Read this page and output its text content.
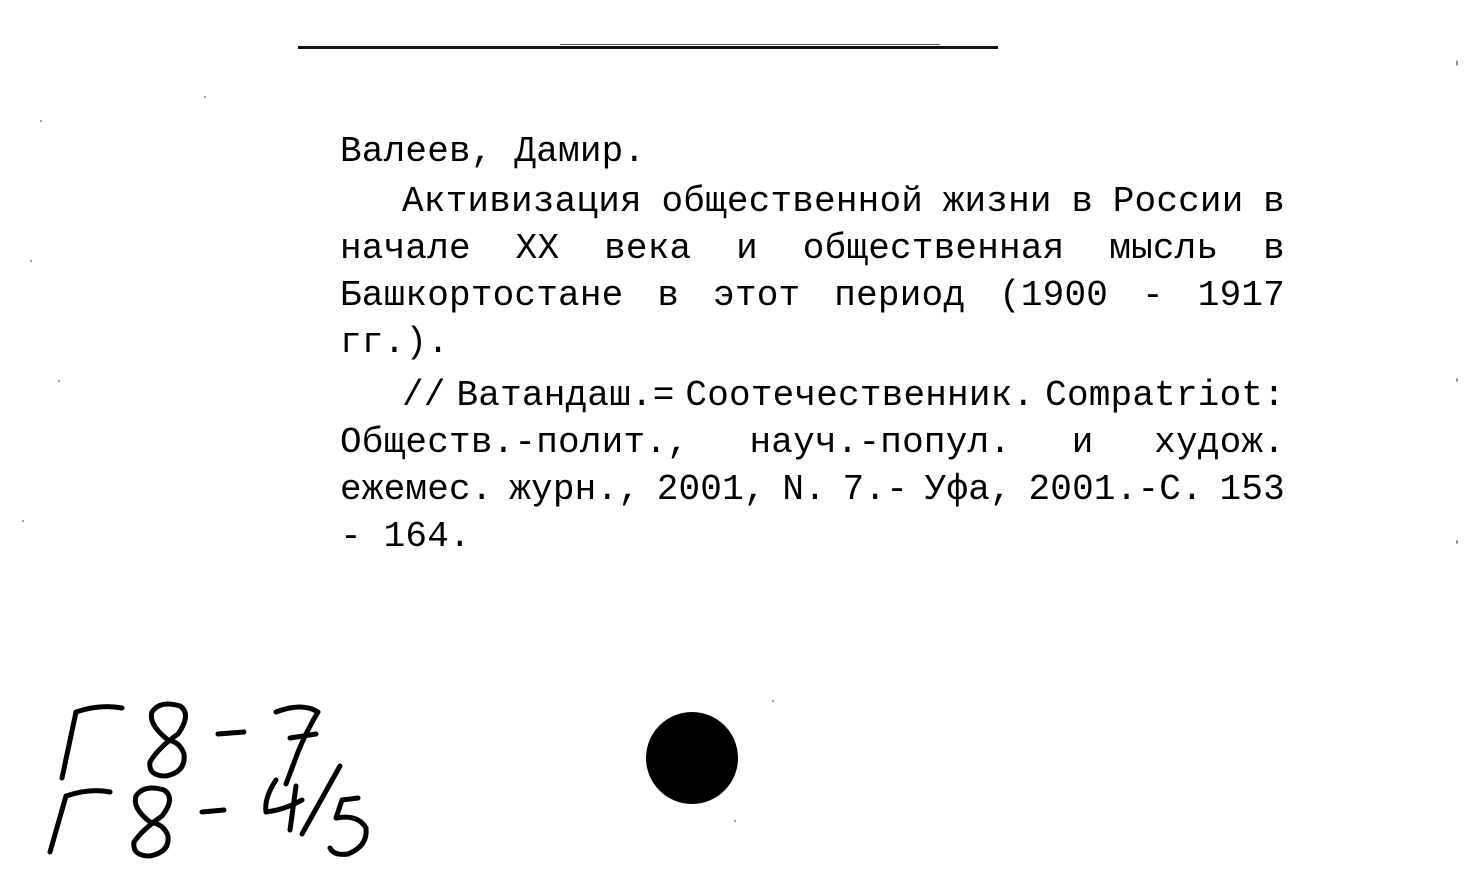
Валеев, Дамир.
Активизация общественной жизни в России в
начале XX века и общественная мысль в
Башкортостане в этот период (1900 - 1917
гг.).
// Ватандаш.= Соотечественник. Compatriot:
Обществ.-полит., науч.-попул. и худож.
ежемес. журн., 2001, N. 7.- Уфа, 2001.-С. 153
- 164.
